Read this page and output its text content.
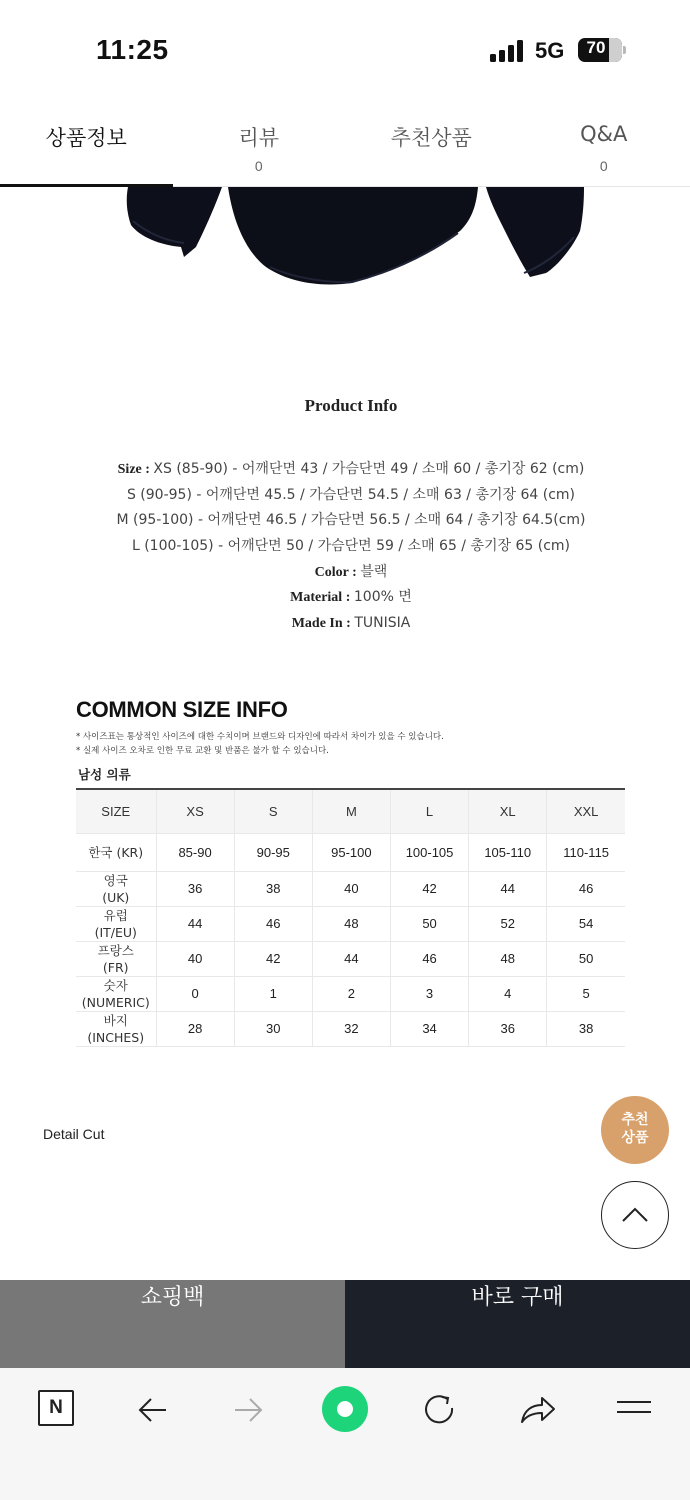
11:25	5G	70
상품정보	리뷰
0
추천상품	Q&A
0
Product Info
Size : XS (85-90) - 어깨단면 43 / 가슴단면 49 / 소매 60 / 총기장 62 (cm)
S (90-95) - 어깨단면 45.5 / 가슴단면 54.5 / 소매 63 / 총기장 64 (cm)
M (95-100) - 어깨단면 46.5 / 가슴단면 56.5 / 소매 64 / 총기장 64.5(cm)
L (100-105) - 어깨단면 50 / 가슴단면 59 / 소매 65 / 총기장 65 (cm)
Color : 블랙
Material : 100% 면
Made In : TUNISIA
COMMON SIZE INFO
* 사이즈표는 통상적인 사이즈에 대한 수치이며 브랜드와 디자인에 따라서 차이가 있을 수 있습니다.
* 실제 사이즈 오차로 인한 무료 교환 및 반품은 불가 할 수 있습니다.
남성 의류
SIZE	XS	S	M	L	XL	XXL
한국 (KR)	85-90	90-95	95-100	100-105	105-110	110-115
영국
(UK)	36	38	40	42	44	46
유럽
(IT/EU)	44	46	48	50	52	54
프랑스
(FR)	40	42	44	46	48	50
숫자
(NUMERIC)	0	1	2	3	4	5
바지
(INCHES)	28	30	32	34	36	38
Detail Cut
추천
상품
쇼핑백	바로 구매
N
